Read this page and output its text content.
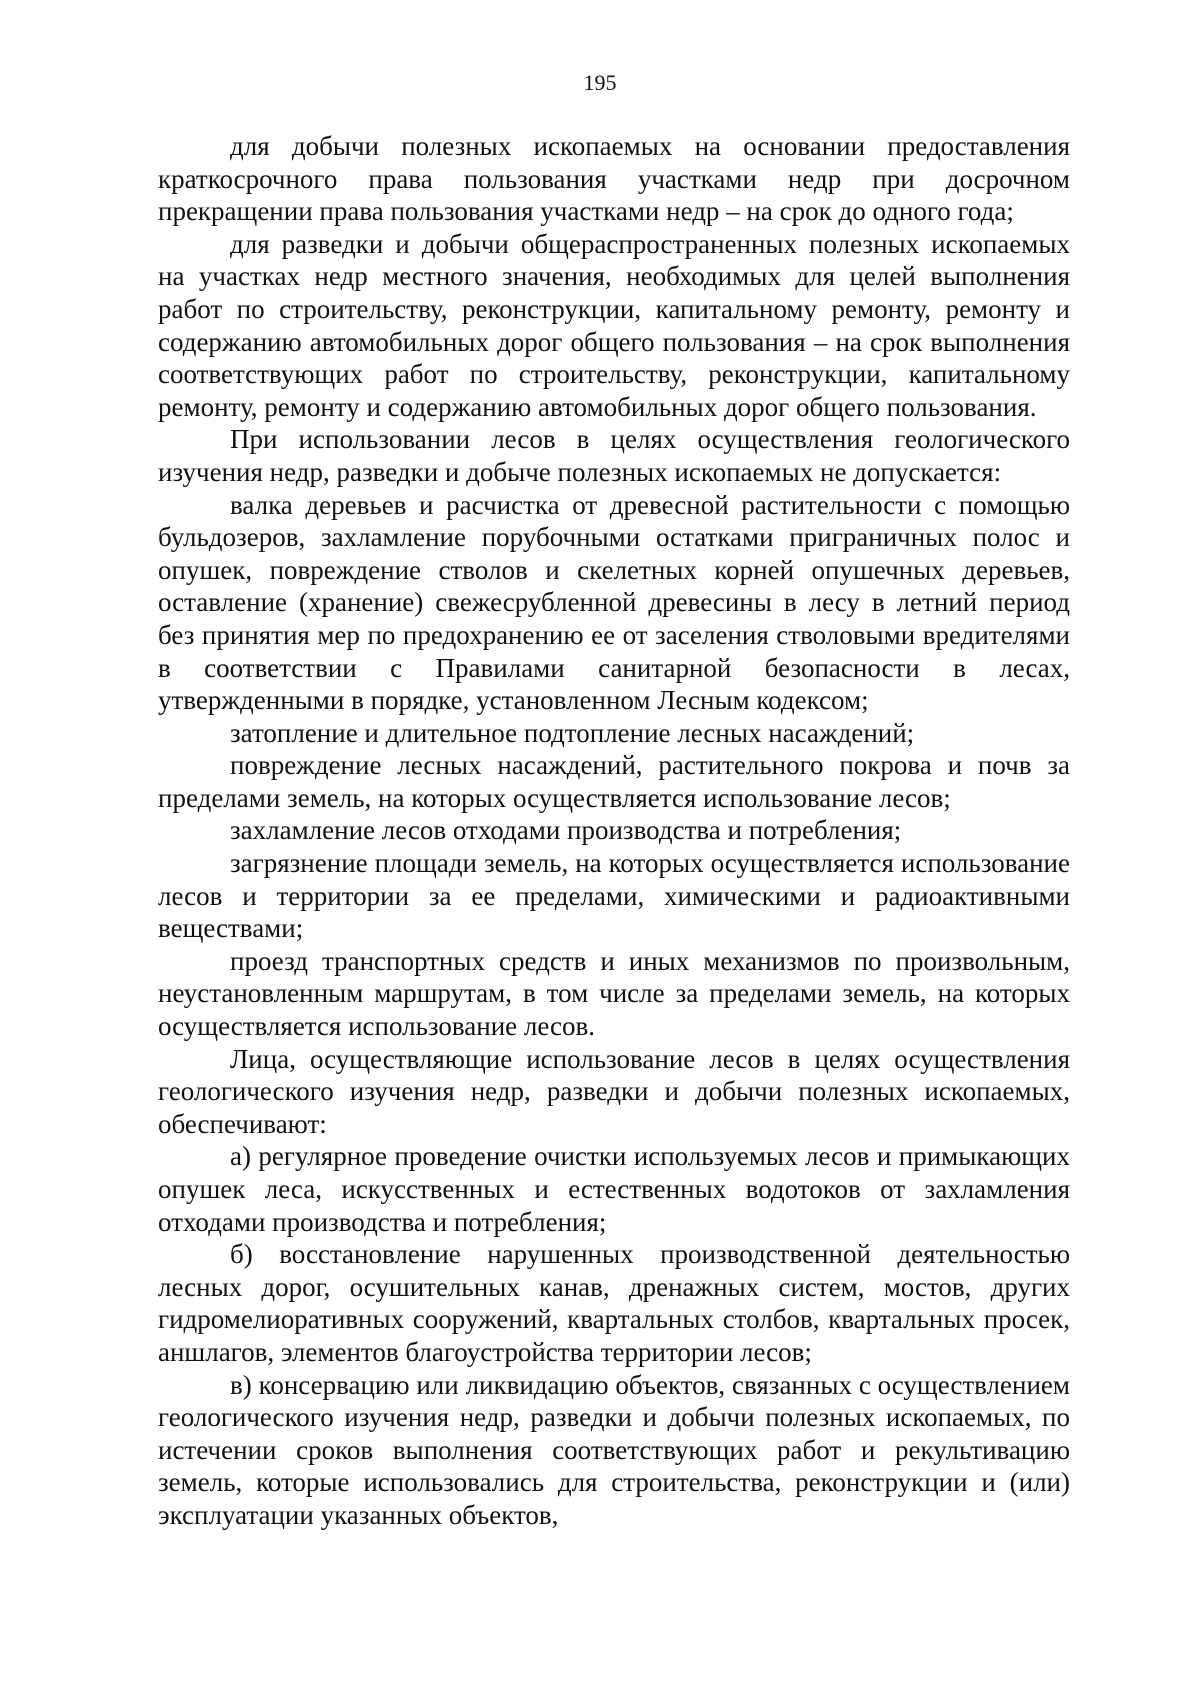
195

для добычи полезных ископаемых на основании предоставления краткосрочного права пользования участками недр при досрочном прекращении права пользования участками недр – на срок до одного года;

для разведки и добычи общераспространенных полезных ископаемых на участках недр местного значения, необходимых для целей выполнения работ по строительству, реконструкции, капитальному ремонту, ремонту и содержанию автомобильных дорог общего пользования – на срок выполнения соответствующих работ по строительству, реконструкции, капитальному ремонту, ремонту и содержанию автомобильных дорог общего пользования.

При использовании лесов в целях осуществления геологического изучения недр, разведки и добыче полезных ископаемых не допускается:

валка деревьев и расчистка от древесной растительности с помощью бульдозеров, захламление порубочными остатками приграничных полос и опушек, повреждение стволов и скелетных корней опушечных деревьев, оставление (хранение) свежесрубленной древесины в лесу в летний период без принятия мер по предохранению ее от заселения стволовыми вредителями в соответствии с Правилами санитарной безопасности в лесах, утвержденными в порядке, установленном Лесным кодексом;

затопление и длительное подтопление лесных насаждений;

повреждение лесных насаждений, растительного покрова и почв за пределами земель, на которых осуществляется использование лесов;

захламление лесов отходами производства и потребления;

загрязнение площади земель, на которых осуществляется использование лесов и территории за ее пределами, химическими и радиоактивными веществами;

проезд транспортных средств и иных механизмов по произвольным, неустановленным маршрутам, в том числе за пределами земель, на которых осуществляется использование лесов.

Лица, осуществляющие использование лесов в целях осуществления геологического изучения недр, разведки и добычи полезных ископаемых, обеспечивают:

а) регулярное проведение очистки используемых лесов и примыкающих опушек леса, искусственных и естественных водотоков от захламления отходами производства и потребления;

б) восстановление нарушенных производственной деятельностью лесных дорог, осушительных канав, дренажных систем, мостов, других гидромелиоративных сооружений, квартальных столбов, квартальных просек, аншлагов, элементов благоустройства территории лесов;

в) консервацию или ликвидацию объектов, связанных с осуществлением геологического изучения недр, разведки и добычи полезных ископаемых, по истечении сроков выполнения соответствующих работ и рекультивацию земель, которые использовались для строительства, реконструкции и (или) эксплуатации указанных объектов,
